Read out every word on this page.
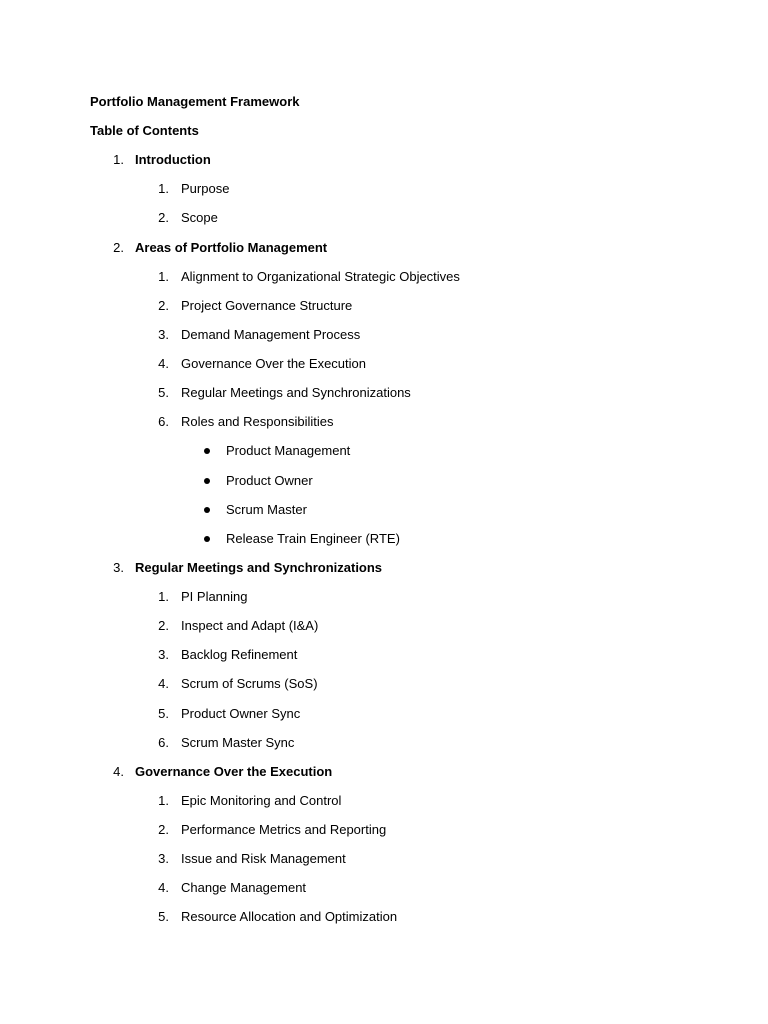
Portfolio Management Framework
Table of Contents
1. Introduction
1. Purpose
2. Scope
2. Areas of Portfolio Management
1. Alignment to Organizational Strategic Objectives
2. Project Governance Structure
3. Demand Management Process
4. Governance Over the Execution
5. Regular Meetings and Synchronizations
6. Roles and Responsibilities
Product Management
Product Owner
Scrum Master
Release Train Engineer (RTE)
3. Regular Meetings and Synchronizations
1. PI Planning
2. Inspect and Adapt (I&A)
3. Backlog Refinement
4. Scrum of Scrums (SoS)
5. Product Owner Sync
6. Scrum Master Sync
4. Governance Over the Execution
1. Epic Monitoring and Control
2. Performance Metrics and Reporting
3. Issue and Risk Management
4. Change Management
5. Resource Allocation and Optimization
